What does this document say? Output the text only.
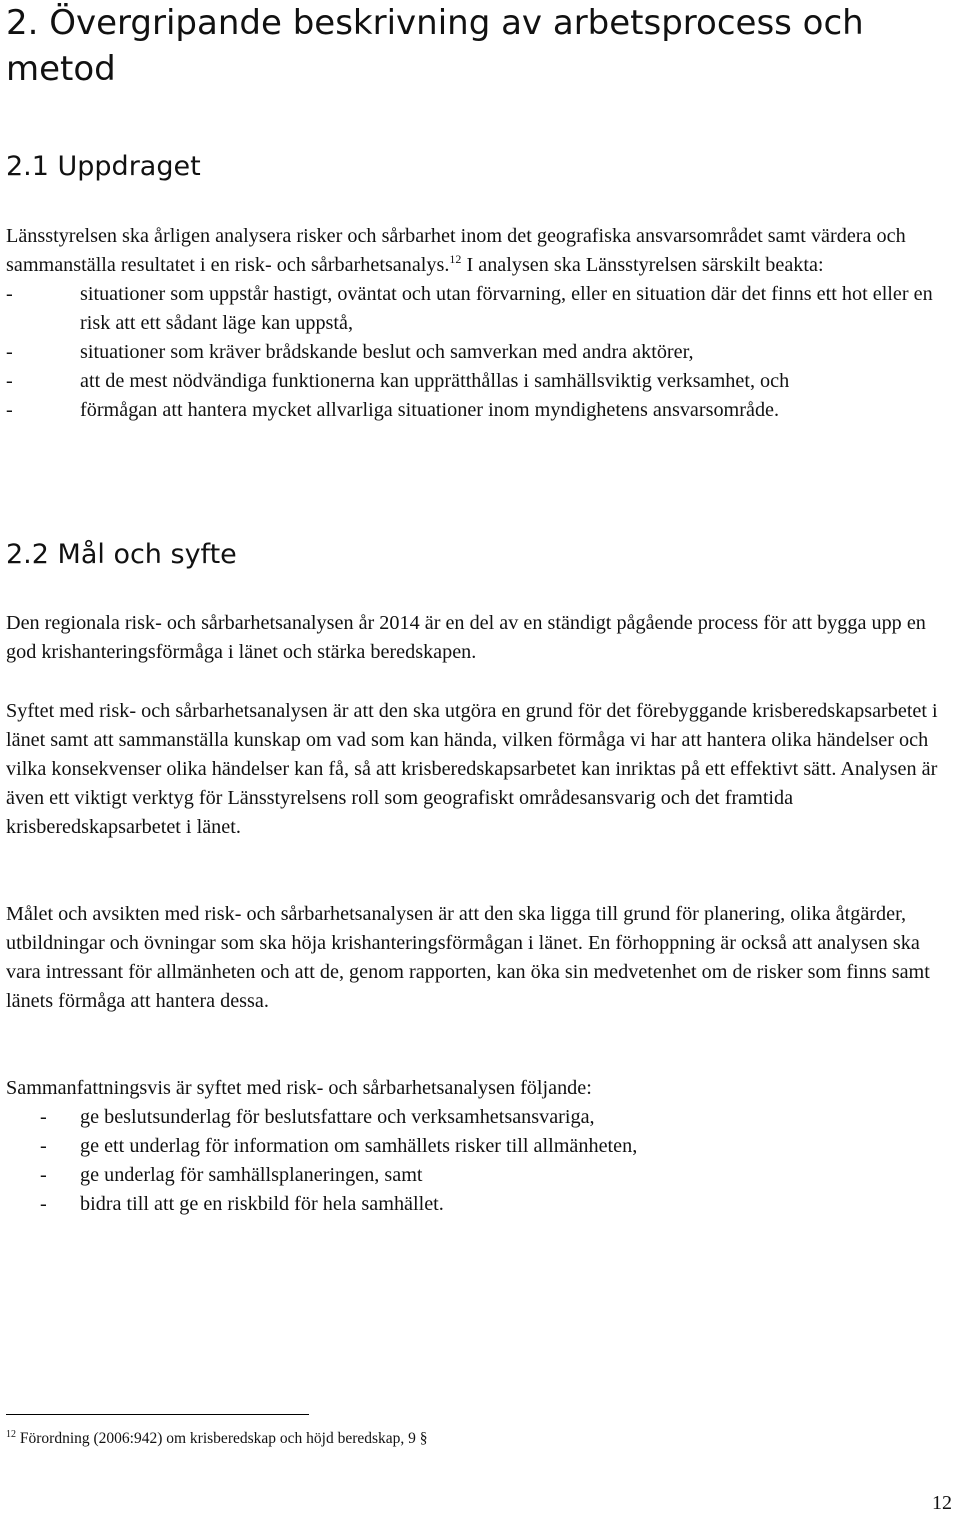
2. Övergripande beskrivning av arbetsprocess och metod
2.1 Uppdraget

Länsstyrelsen ska årligen analysera risker och sårbarhet inom det geografiska ansvarsområdet samt värdera och sammanställa resultatet i en risk- och sårbarhetsanalys.$^{12}$ I analysen ska Länsstyrelsen särskilt beakta:

-	situationer som uppstår hastigt, oväntat och utan förvarning, eller en situation där det finns ett hot eller en risk att ett sådant läge kan uppstå,
-	situationer som kräver brådskande beslut och samverkan med andra aktörer,
-	att de mest nödvändiga funktionerna kan upprätthållas i samhällsviktig verksamhet, och
-	förmågan att hantera mycket allvarliga situationer inom myndighetens ansvarsområde.
2.2 Mål och syfte

Den regionala risk- och sårbarhetsanalysen år 2014 är en del av en ständigt pågående process för att bygga upp en god krishanteringsförmåga i länet och stärka beredskapen.

Syftet med risk- och sårbarhetsanalysen är att den ska utgöra en grund för det förebyggande krisberedskapsarbetet i länet samt att sammanställa kunskap om vad som kan hända, vilken förmåga vi har att hantera olika händelser och vilka konsekvenser olika händelser kan få, så att krisberedskapsarbetet kan inriktas på ett effektivt sätt. Analysen är även ett viktigt verktyg för Länsstyrelsens roll som geografiskt områdesansvarig och det framtida krisberedskapsarbetet i länet.

Målet och avsikten med risk- och sårbarhetsanalysen är att den ska ligga till grund för planering, olika åtgärder, utbildningar och övningar som ska höja krishanteringsförmågan i länet. En förhoppning är också att analysen ska vara intressant för allmänheten och att de, genom rapporten, kan öka sin medvetenhet om de risker som finns samt länets förmåga att hantera dessa.

Sammanfattningsvis är syftet med risk- och sårbarhetsanalysen följande:

- ge beslutsunderlag för beslutsfattare och verksamhetsansvariga,
- ge ett underlag för information om samhällets risker till allmänheten,
- ge underlag för samhällsplaneringen, samt
- bidra till att ge en riskbild för hela samhället.
$^{12}$ Förordning (2006:942) om krisberedskap och höjd beredskap, 9 §
12
